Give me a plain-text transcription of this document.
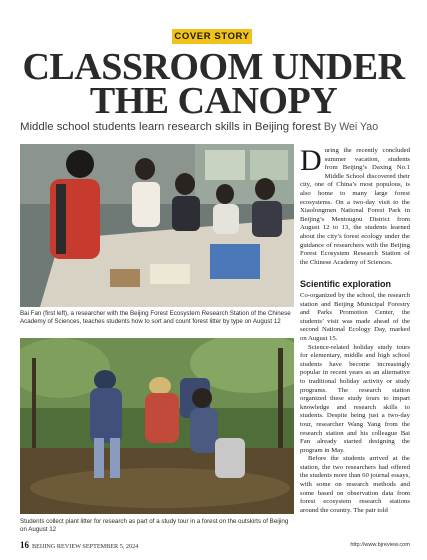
COVER STORY
CLASSROOM UNDER
THE CANOPY
Middle school students learn research skills in Beijing forest By Wei Yao
Bai Fan (first left), a researcher with the Beijing Forest Ecosystem Research Station of the Chinese Academy of Sciences, teaches students how to sort and count forest litter by type on August 12
Students collect plant litter for research as part of a study tour in a forest on the outskirts of Beijing on August 12

During the recently concluded summer vacation, students from Beijing’s Daxing No.1 Middle School discovered their city, one of China’s most populous, is also home to many large forest ecosystems. On a two-day visit to the Xiaolongmen National Forest Park in Beijing’s Mentougou District from August 12 to 13, the students learned about the city’s forest ecology under the guidance of researchers with the Beijing Forest Ecosystem Research Station of the Chinese Academy of Sciences.

Scientific exploration

Co-organized by the school, the research station and Beijing Municipal Forestry and Parks Promotion Center, the students’ visit was made ahead of the second National Ecology Day, marked on August 15.

Science-related holiday study tours for elementary, middle and high school students have become increasingly popular in recent years as an alternative to traditional holiday activity or study programs. The research station organized these study tours to impart knowledge and research skills to students. Despite being just a two-day tour, researcher Wang Yang from the research station and his colleague Bai Fan already started designing the program in May.

Before the students arrived at the station, the two researchers had offered the students more than 60 journal essays, with some on research methods and some based on observation data from forest ecosystem research stations around the country. The pair told

16 BEIJING REVIEW SEPTEMBER 5, 2024	http://www.bjreview.com
